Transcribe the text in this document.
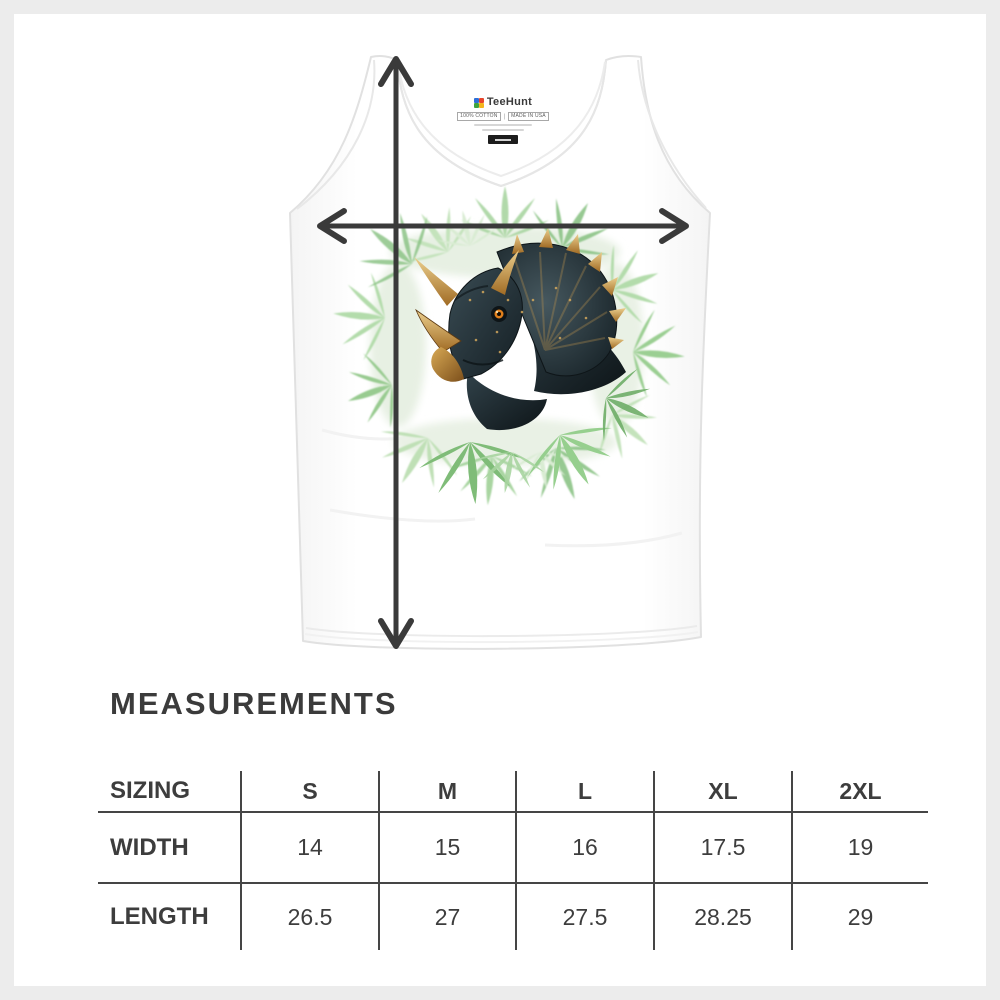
TeeHunt
100% COTTON	|	MADE IN USA
MEASUREMENTS
SIZING	S	M	L	XL	2XL
WIDTH	14	15	16	17.5	19
LENGTH	26.5	27	27.5	28.25	29
